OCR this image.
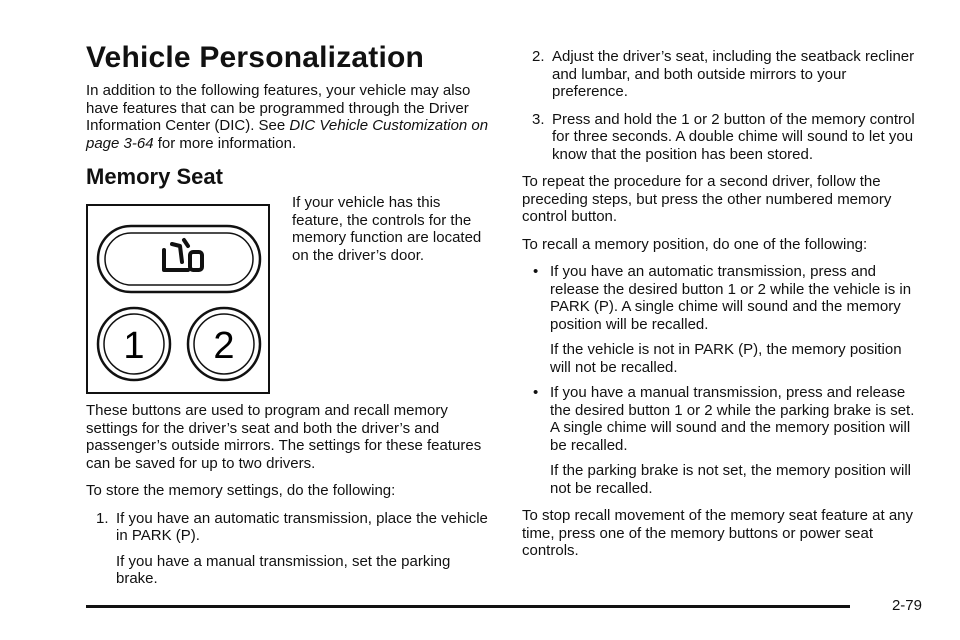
Vehicle Personalization

In addition to the following features, your vehicle may also have features that can be programmed through the Driver Information Center (DIC). See DIC Vehicle Customization on page 3-64 for more information.

Memory Seat
1 2

If your vehicle has this feature, the controls for the memory function are located on the driver’s door.

These buttons are used to program and recall memory settings for the driver’s seat and both the driver’s and passenger’s outside mirrors. The settings for these features can be saved for up to two drivers.

To store the memory settings, do the following:

1. If you have an automatic transmission, place the vehicle in PARK (P).

If you have a manual transmission, set the parking brake.

2. Adjust the driver’s seat, including the seatback recliner and lumbar, and both outside mirrors to your preference.

3. Press and hold the 1 or 2 button of the memory control for three seconds. A double chime will sound to let you know that the position has been stored.

To repeat the procedure for a second driver, follow the preceding steps, but press the other numbered memory control button.

To recall a memory position, do one of the following:

• If you have an automatic transmission, press and release the desired button 1 or 2 while the vehicle is in PARK (P). A single chime will sound and the memory position will be recalled.

If the vehicle is not in PARK (P), the memory position will not be recalled.

• If you have a manual transmission, press and release the desired button 1 or 2 while the parking brake is set. A single chime will sound and the memory position will be recalled.

If the parking brake is not set, the memory position will not be recalled.

To stop recall movement of the memory seat feature at any time, press one of the memory buttons or power seat controls.

2-79
